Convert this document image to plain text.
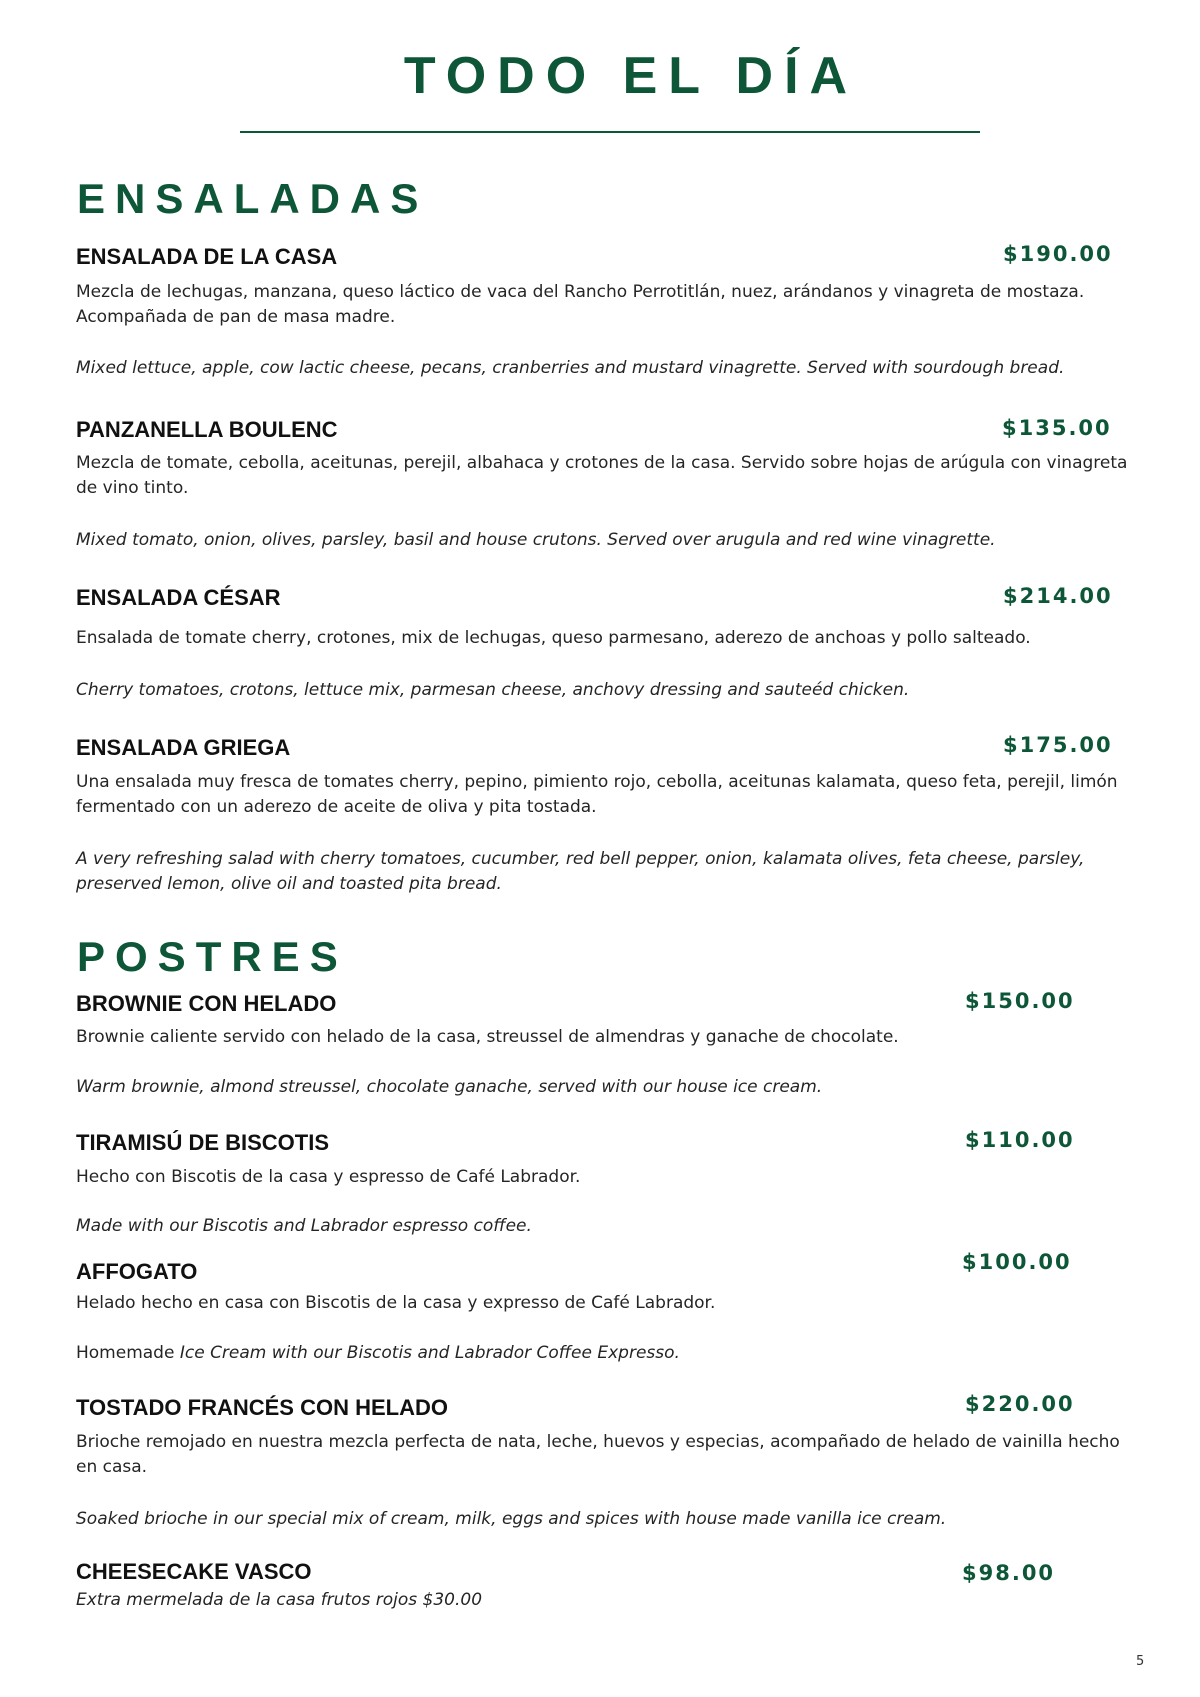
TODO EL DÍA
ENSALADAS
ENSALADA DE LA CASA	$190.00

Mezcla de lechugas, manzana, queso láctico de vaca del Rancho Perrotitlán, nuez, arándanos y vinagreta de mostaza. Acompañada de pan de masa madre.

Mixed lettuce, apple, cow lactic cheese, pecans, cranberries and mustard vinagrette. Served with sourdough bread.

PANZANELLA BOULENC	$135.00

Mezcla de tomate, cebolla, aceitunas, perejil, albahaca y crotones de la casa. Servido sobre hojas de arúgula con vinagreta de vino tinto.

Mixed tomato, onion, olives, parsley, basil and house crutons. Served over arugula and red wine vinagrette.

ENSALADA CÉSAR	$214.00

Ensalada de tomate cherry, crotones, mix de lechugas, queso parmesano, aderezo de anchoas y pollo salteado.

Cherry tomatoes, crotons, lettuce mix, parmesan cheese, anchovy dressing and sauteéd chicken.

ENSALADA GRIEGA	$175.00

Una ensalada muy fresca de tomates cherry, pepino, pimiento rojo, cebolla, aceitunas kalamata, queso feta, perejil, limón fermentado con un aderezo de aceite de oliva y pita tostada.

A very refreshing salad with cherry tomatoes, cucumber, red bell pepper, onion, kalamata olives, feta cheese, parsley, preserved lemon, olive oil and toasted pita bread.

POSTRES
BROWNIE CON HELADO	$150.00

Brownie caliente servido con helado de la casa, streussel de almendras y ganache de chocolate.

Warm brownie, almond streussel, chocolate ganache, served with our house ice cream.

TIRAMISÚ DE BISCOTIS	$110.00

Hecho con Biscotis de la casa y espresso de Café Labrador.

Made with our Biscotis and Labrador espresso coffee.

AFFOGATO	$100.00

Helado hecho en casa con Biscotis de la casa y expresso de Café Labrador.

Homemade Ice Cream with our Biscotis and Labrador Coffee Expresso.

TOSTADO FRANCÉS CON HELADO	$220.00

Brioche remojado en nuestra mezcla perfecta de nata, leche, huevos y especias, acompañado de helado de vainilla hecho en casa.

Soaked brioche in our special mix of cream, milk, eggs and spices with house made vanilla ice cream.

CHEESECAKE VASCO	$98.00

Extra mermelada de la casa frutos rojos $30.00

5
